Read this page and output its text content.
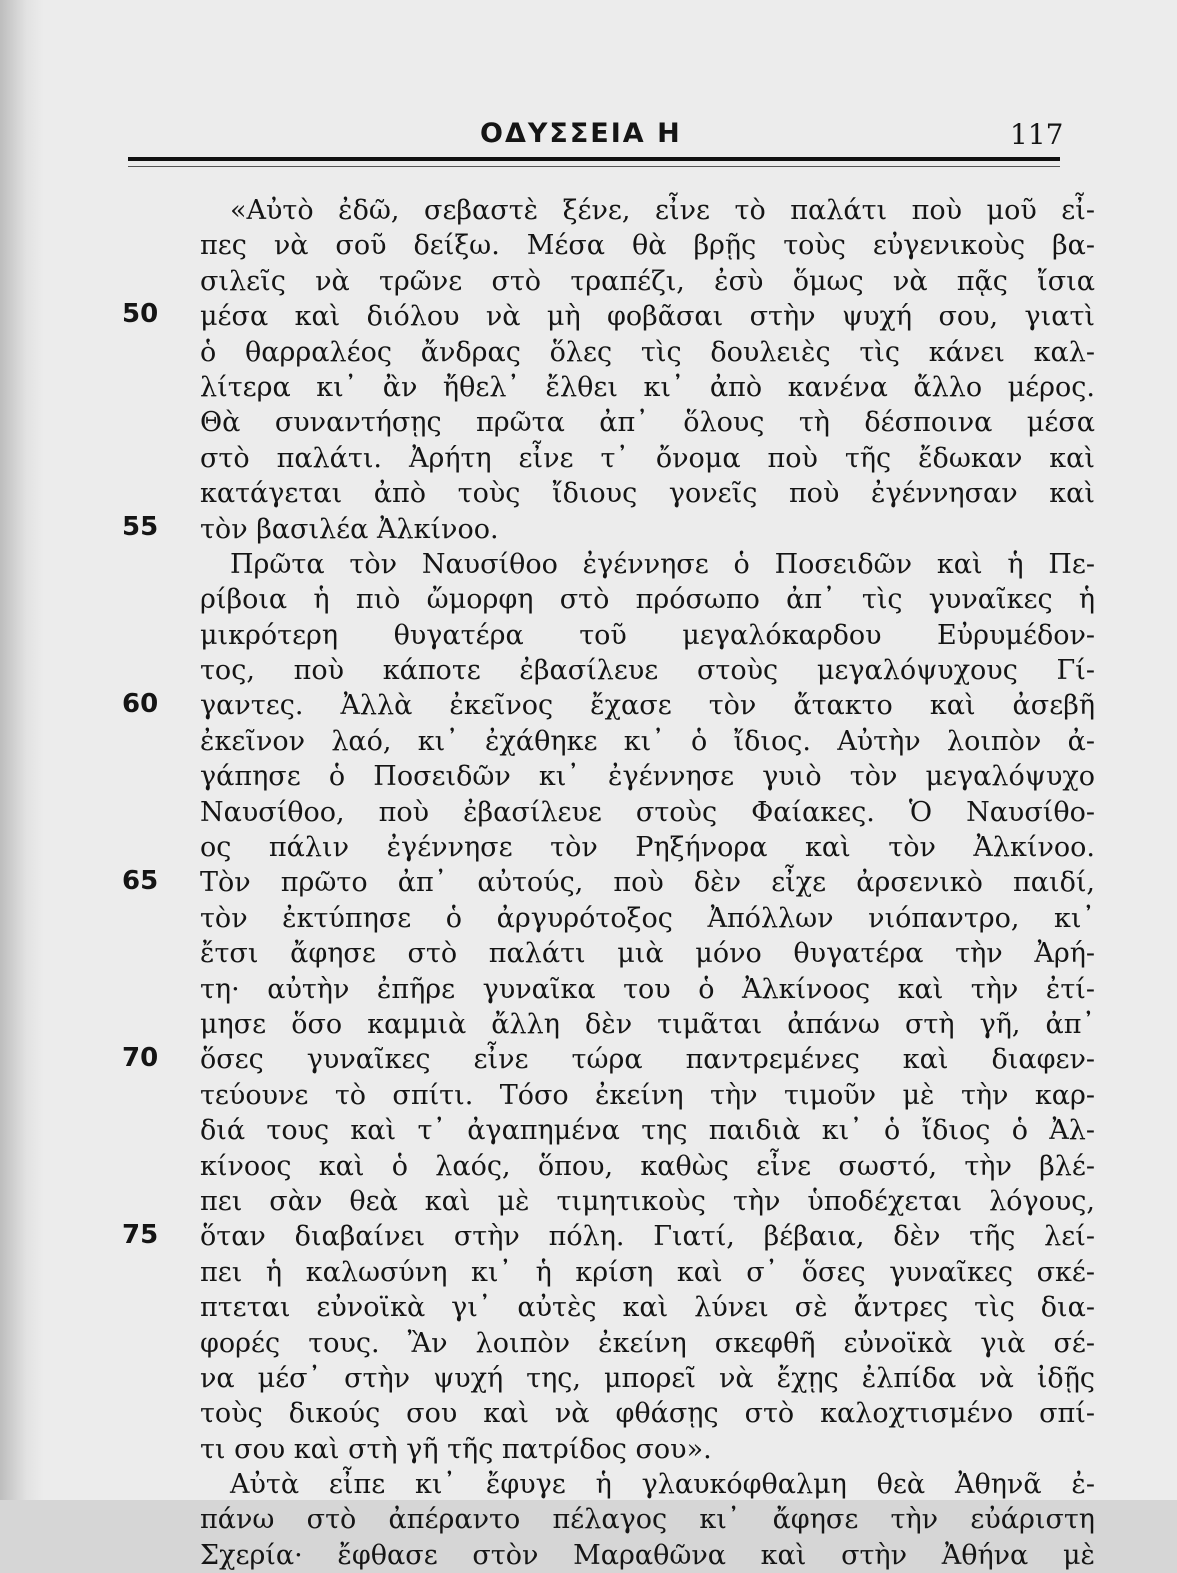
ΟΔΥΣΣΕΙΑ Η	117
50
55
60
65
70
75
«Αὐτὸ ἐδῶ, σεβαστὲ ξένε, εἶνε τὸ παλάτι ποὺ μοῦ εἶ-
πες νὰ σοῦ δείξω. Μέσα θὰ βρῇς τοὺς εὐγενικοὺς βα-
σιλεῖς νὰ τρῶνε στὸ τραπέζι, ἐσὺ ὅμως νὰ πᾷς ἴσια
μέσα καὶ διόλου νὰ μὴ φοβᾶσαι στὴν ψυχή σου, γιατὶ
ὁ θαρραλέος ἄνδρας ὅλες τὶς δουλειὲς τὶς κάνει καλ-
λίτερα κι᾿ ἂν ἤθελ᾿ ἔλθει κι᾿ ἀπὸ κανένα ἄλλο μέρος.
Θὰ συναντήσῃς πρῶτα ἀπ᾿ ὅλους τὴ δέσποινα μέσα
στὸ παλάτι. Ἀρήτη εἶνε τ᾿ ὄνομα ποὺ τῆς ἔδωκαν καὶ
κατάγεται ἀπὸ τοὺς ἴδιους γονεῖς ποὺ ἐγέννησαν καὶ
τὸν βασιλέα Ἀλκίνοο.
Πρῶτα τὸν Ναυσίθοο ἐγέννησε ὁ Ποσειδῶν καὶ ἡ Πε-
ρίβοια ἡ πιὸ ὤμορφη στὸ πρόσωπο ἀπ᾿ τὶς γυναῖκες ἡ
μικρότερη θυγατέρα τοῦ μεγαλόκαρδου Εὐρυμέδον-
τος, ποὺ κάποτε ἐβασίλευε στοὺς μεγαλόψυχους Γί-
γαντες. Ἀλλὰ ἐκεῖνος ἔχασε τὸν ἄτακτο καὶ ἀσεβῆ
ἐκεῖνον λαό, κι᾿ ἐχάθηκε κι᾿ ὁ ἴδιος. Αὐτὴν λοιπὸν ἀ-
γάπησε ὁ Ποσειδῶν κι᾿ ἐγέννησε γυιὸ τὸν μεγαλόψυχο
Ναυσίθοο, ποὺ ἐβασίλευε στοὺς Φαίακες. Ὁ Ναυσίθο-
ος πάλιν ἐγέννησε τὸν Ρηξήνορα καὶ τὸν Ἀλκίνοο.
Τὸν πρῶτο ἀπ᾿ αὐτούς, ποὺ δὲν εἶχε ἀρσενικὸ παιδί,
τὸν ἐκτύπησε ὁ ἀργυρότοξος Ἀπόλλων νιόπαντρο, κι᾿
ἔτσι ἄφησε στὸ παλάτι μιὰ μόνο θυγατέρα τὴν Ἀρή-
τη· αὐτὴν ἐπῆρε γυναῖκα του ὁ Ἀλκίνοος καὶ τὴν ἐτί-
μησε ὅσο καμμιὰ ἄλλη δὲν τιμᾶται ἀπάνω στὴ γῆ, ἀπ᾿
ὅσες γυναῖκες εἶνε τώρα παντρεμένες καὶ διαφεν-
τεύουνε τὸ σπίτι. Τόσο ἐκείνη τὴν τιμοῦν μὲ τὴν καρ-
διά τους καὶ τ᾿ ἀγαπημένα της παιδιὰ κι᾿ ὁ ἴδιος ὁ Ἀλ-
κίνοος καὶ ὁ λαός, ὅπου, καθὼς εἶνε σωστό, τὴν βλέ-
πει σὰν θεὰ καὶ μὲ τιμητικοὺς τὴν ὑποδέχεται λόγους,
ὅταν διαβαίνει στὴν πόλη. Γιατί, βέβαια, δὲν τῆς λεί-
πει ἡ καλωσύνη κι᾿ ἡ κρίση καὶ σ᾿ ὅσες γυναῖκες σκέ-
πτεται εὐνοϊκὰ γι᾿ αὐτὲς καὶ λύνει σὲ ἄντρες τὶς δια-
φορές τους. Ἂν λοιπὸν ἐκείνη σκεφθῆ εὐνοϊκὰ γιὰ σέ-
να μέσ᾿ στὴν ψυχή της, μπορεῖ νὰ ἔχῃς ἐλπίδα νὰ ἰδῇς
τοὺς δικούς σου καὶ νὰ φθάσῃς στὸ καλοχτισμένο σπί-
τι σου καὶ στὴ γῆ τῆς πατρίδος σου».
Αὐτὰ εἶπε κι᾿ ἔφυγε ἡ γλαυκόφθαλμη θεὰ Ἀθηνᾶ ἐ-
πάνω στὸ ἀπέραντο πέλαγος κι᾿ ἄφησε τὴν εὐάριστη
Σχερία· ἔφθασε στὸν Μαραθῶνα καὶ στὴν Ἀθήνα μὲ
